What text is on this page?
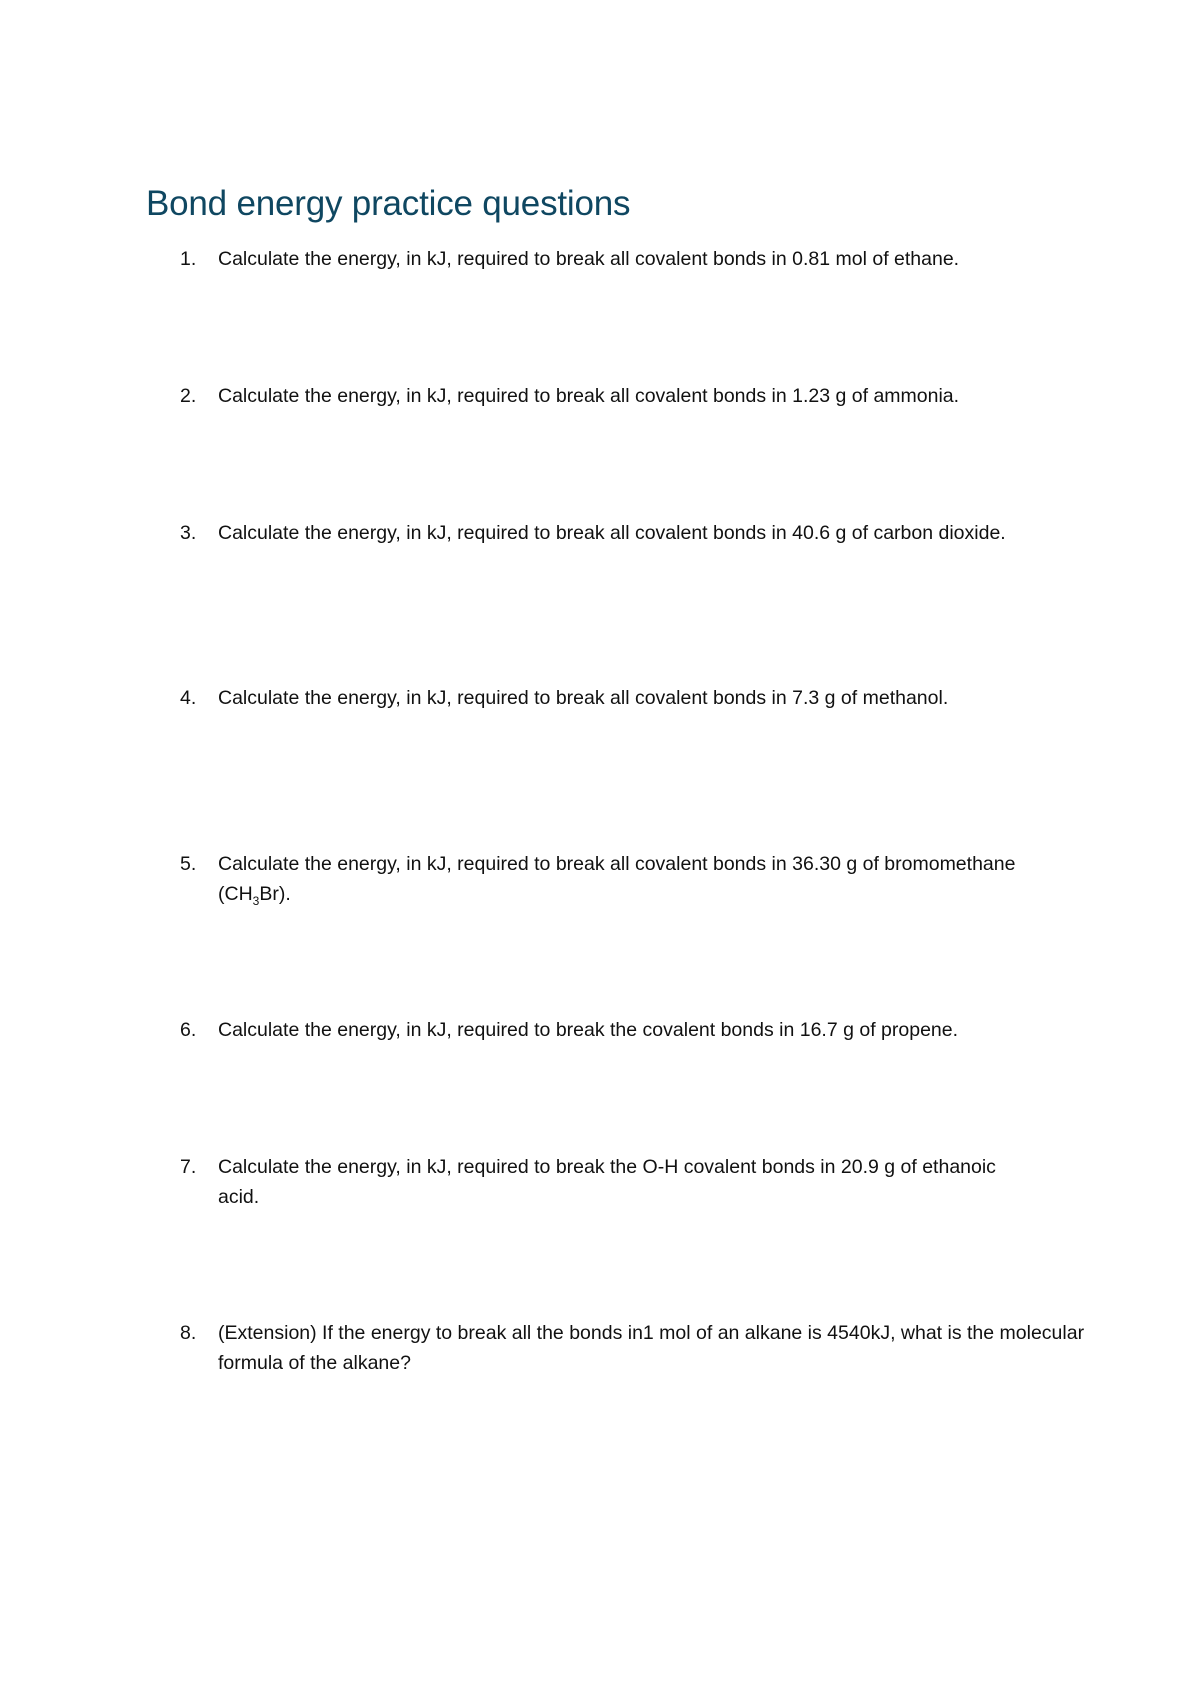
Bond energy practice questions
1.	Calculate the energy, in kJ, required to break all covalent bonds in 0.81 mol of ethane.
2.	Calculate the energy, in kJ, required to break all covalent bonds in 1.23 g of ammonia.
3.	Calculate the energy, in kJ, required to break all covalent bonds in 40.6 g of carbon dioxide.
4.	Calculate the energy, in kJ, required to break all covalent bonds in 7.3 g of methanol.
5.	Calculate the energy, in kJ, required to break all covalent bonds in 36.30 g of bromomethane $(CH_3Br)$.
6.	Calculate the energy, in kJ, required to break the covalent bonds in 16.7 g of propene.
7.	Calculate the energy, in kJ, required to break the O-H covalent bonds in 20.9 g of ethanoic acid.
8.	(Extension) If the energy to break all the bonds in1 mol of an alkane is 4540kJ, what is the molecular formula of the alkane?
